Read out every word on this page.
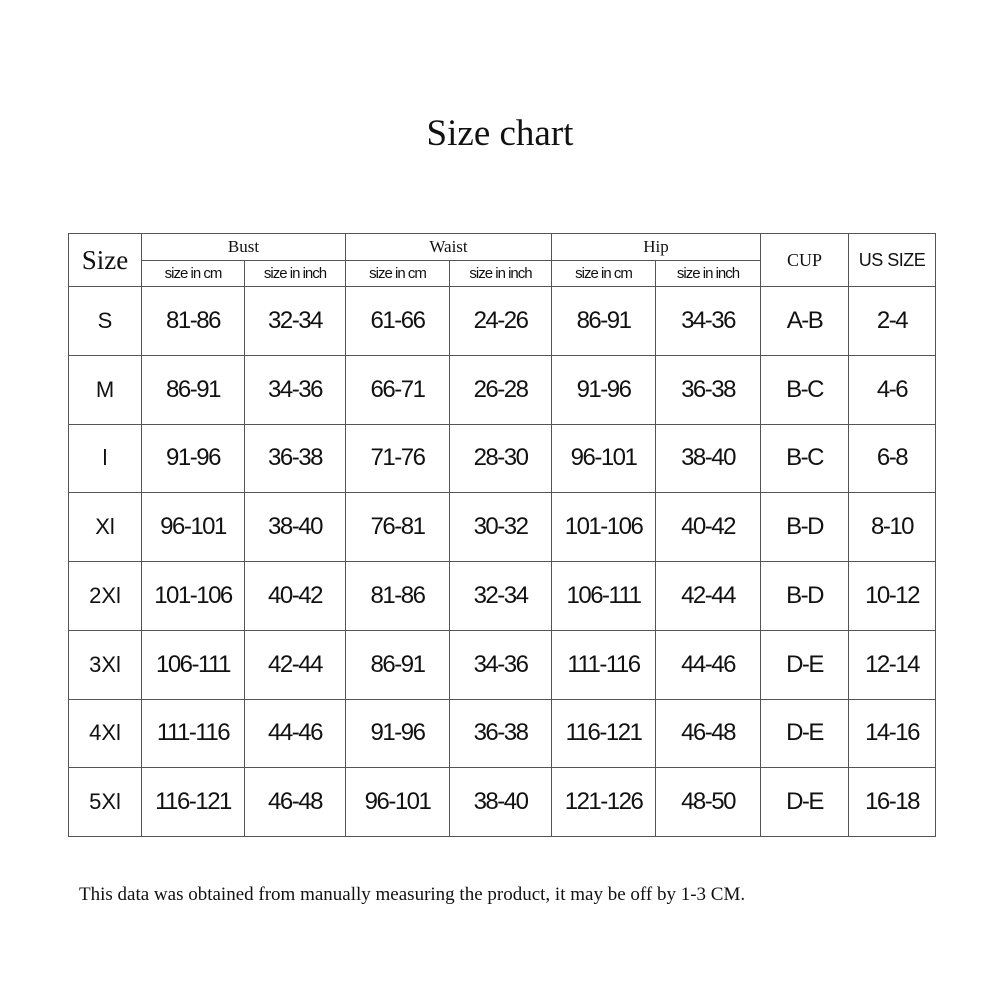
Size chart
Size	Bust		Waist		Hip		CUP	US SIZE
	size in cm	size in inch	size in cm	size in inch	size in cm	size in inch		
S	81-86	32-34	61-66	24-26	86-91	34-36	A-B	2-4
M	86-91	34-36	66-71	26-28	91-96	36-38	B-C	4-6
l	91-96	36-38	71-76	28-30	96-101	38-40	B-C	6-8
Xl	96-101	38-40	76-81	30-32	101-106	40-42	B-D	8-10
2Xl	101-106	40-42	81-86	32-34	106-111	42-44	B-D	10-12
3Xl	106-111	42-44	86-91	34-36	111-116	44-46	D-E	12-14
4Xl	111-116	44-46	91-96	36-38	116-121	46-48	D-E	14-16
5Xl	116-121	46-48	96-101	38-40	121-126	48-50	D-E	16-18
This data was obtained from manually measuring the product, it may be off by 1-3 CM.
